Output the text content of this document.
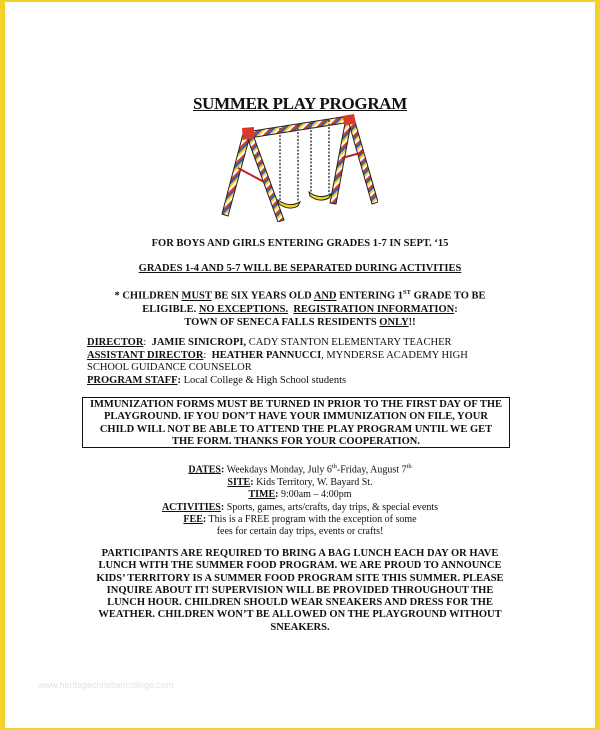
SUMMER PLAY PROGRAM
FOR BOYS AND GIRLS ENTERING GRADES 1-7 IN SEPT. ‘15
GRADES 1-4 AND 5-7 WILL BE SEPARATED DURING ACTIVITIES
* CHILDREN MUST BE SIX YEARS OLD AND ENTERING 1ST GRADE TO BE
ELIGIBLE. NO EXCEPTIONS. REGISTRATION INFORMATION:
TOWN OF SENECA FALLS RESIDENTS ONLY!!
DIRECTOR:  JAMIE SINICROPI, CADY STANTON ELEMENTARY TEACHER
ASSISTANT DIRECTOR:  HEATHER PANNUCCI, MYNDERSE ACADEMY HIGH
SCHOOL GUIDANCE COUNSELOR
PROGRAM STAFF: Local College & High School students
IMMUNIZATION FORMS MUST BE TURNED IN PRIOR TO THE FIRST DAY OF THE
PLAYGROUND. IF YOU DON’T HAVE YOUR IMMUNIZATION ON FILE, YOUR
CHILD WILL NOT BE ABLE TO ATTEND THE PLAY PROGRAM UNTIL WE GET
THE FORM. THANKS FOR YOUR COOPERATION.
DATES: Weekdays Monday, July 6th-Friday, August 7th
SITE: Kids Territory, W. Bayard St.
TIME: 9:00am – 4:00pm
ACTIVITIES: Sports, games, arts/crafts, day trips, & special events
FEE: This is a FREE program with the exception of some
fees for certain day trips, events or crafts!
PARTICIPANTS ARE REQUIRED TO BRING A BAG LUNCH EACH DAY OR HAVE
LUNCH WITH THE SUMMER FOOD PROGRAM. WE ARE PROUD TO ANNOUNCE
KIDS’ TERRITORY IS A SUMMER FOOD PROGRAM SITE THIS SUMMER. PLEASE
INQUIRE ABOUT IT! SUPERVISION WILL BE PROVIDED THROUGHOUT THE
LUNCH HOUR. CHILDREN SHOULD WEAR SNEAKERS AND DRESS FOR THE
WEATHER. CHILDREN WON’T BE ALLOWED ON THE PLAYGROUND WITHOUT
SNEAKERS.
www.heritagechristiancollege.com
